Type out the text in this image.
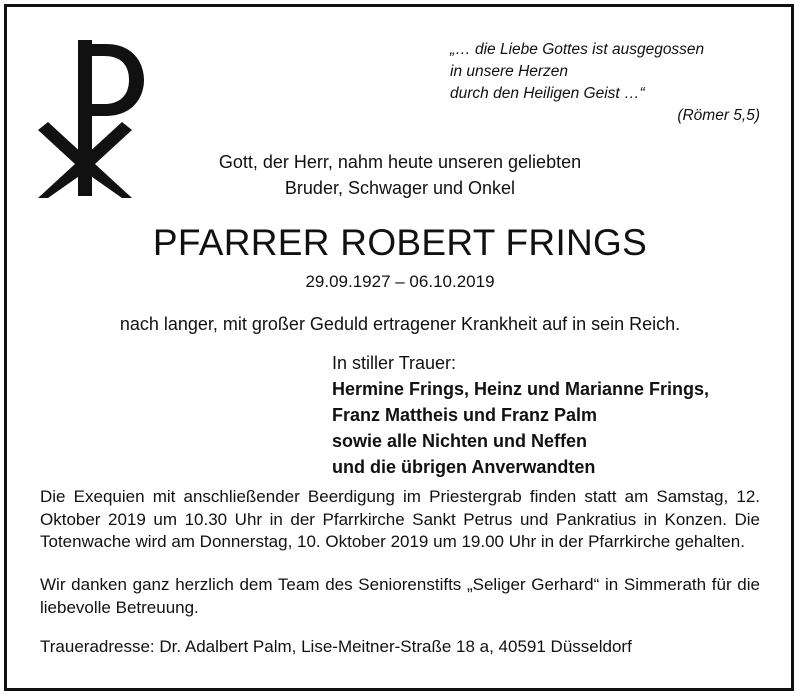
„… die Liebe Gottes ist ausgegossen
in unsere Herzen
durch den Heiligen Geist …“
(Römer 5,5)
Gott, der Herr, nahm heute unseren geliebten
Bruder, Schwager und Onkel
PFARRER ROBERT FRINGS
29.09.1927 – 06.10.2019
nach langer, mit großer Geduld ertragener Krankheit auf in sein Reich.
In stiller Trauer:
Hermine Frings, Heinz und Marianne Frings,
Franz Mattheis und Franz Palm
sowie alle Nichten und Neffen
und die übrigen Anverwandten
Die Exequien mit anschließender Beerdigung im Priestergrab finden statt am Samstag, 12. Oktober 2019 um 10.30 Uhr in der Pfarrkirche Sankt Petrus und Pankratius in Konzen. Die Totenwache wird am Donnerstag, 10. Oktober 2019 um 19.00 Uhr in der Pfarrkirche gehalten.
Wir danken ganz herzlich dem Team des Seniorenstifts „Seliger Gerhard“ in Simmerath für die liebevolle Betreuung.
Traueradresse: Dr. Adalbert Palm, Lise-Meitner-Straße 18 a, 40591 Düsseldorf
